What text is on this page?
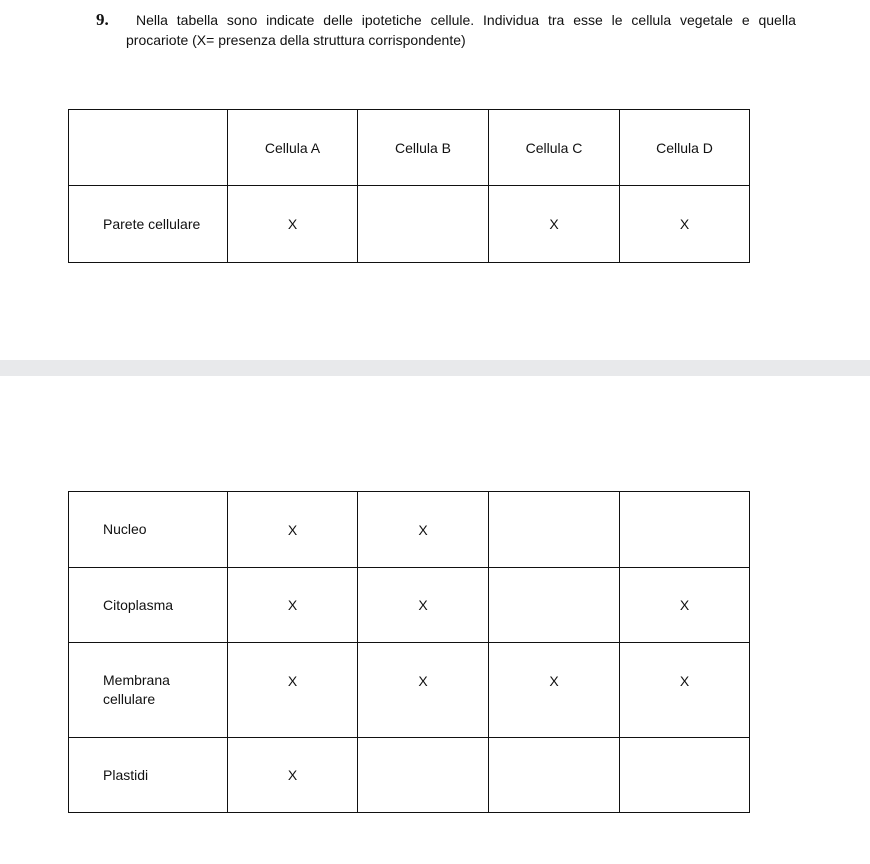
9.	Nella tabella sono indicate delle ipotetiche cellule. Individua tra esse le cellula vegetale e quella
procariote (X= presenza della struttura corrispondente)
	Cellula A	Cellula B	Cellula C	Cellula D
Parete cellulare	X		X	X
Nucleo	X	X		
Citoplasma	X	X		X

Membrana
cellulare	X	X	X	X

Plastidi	X			
